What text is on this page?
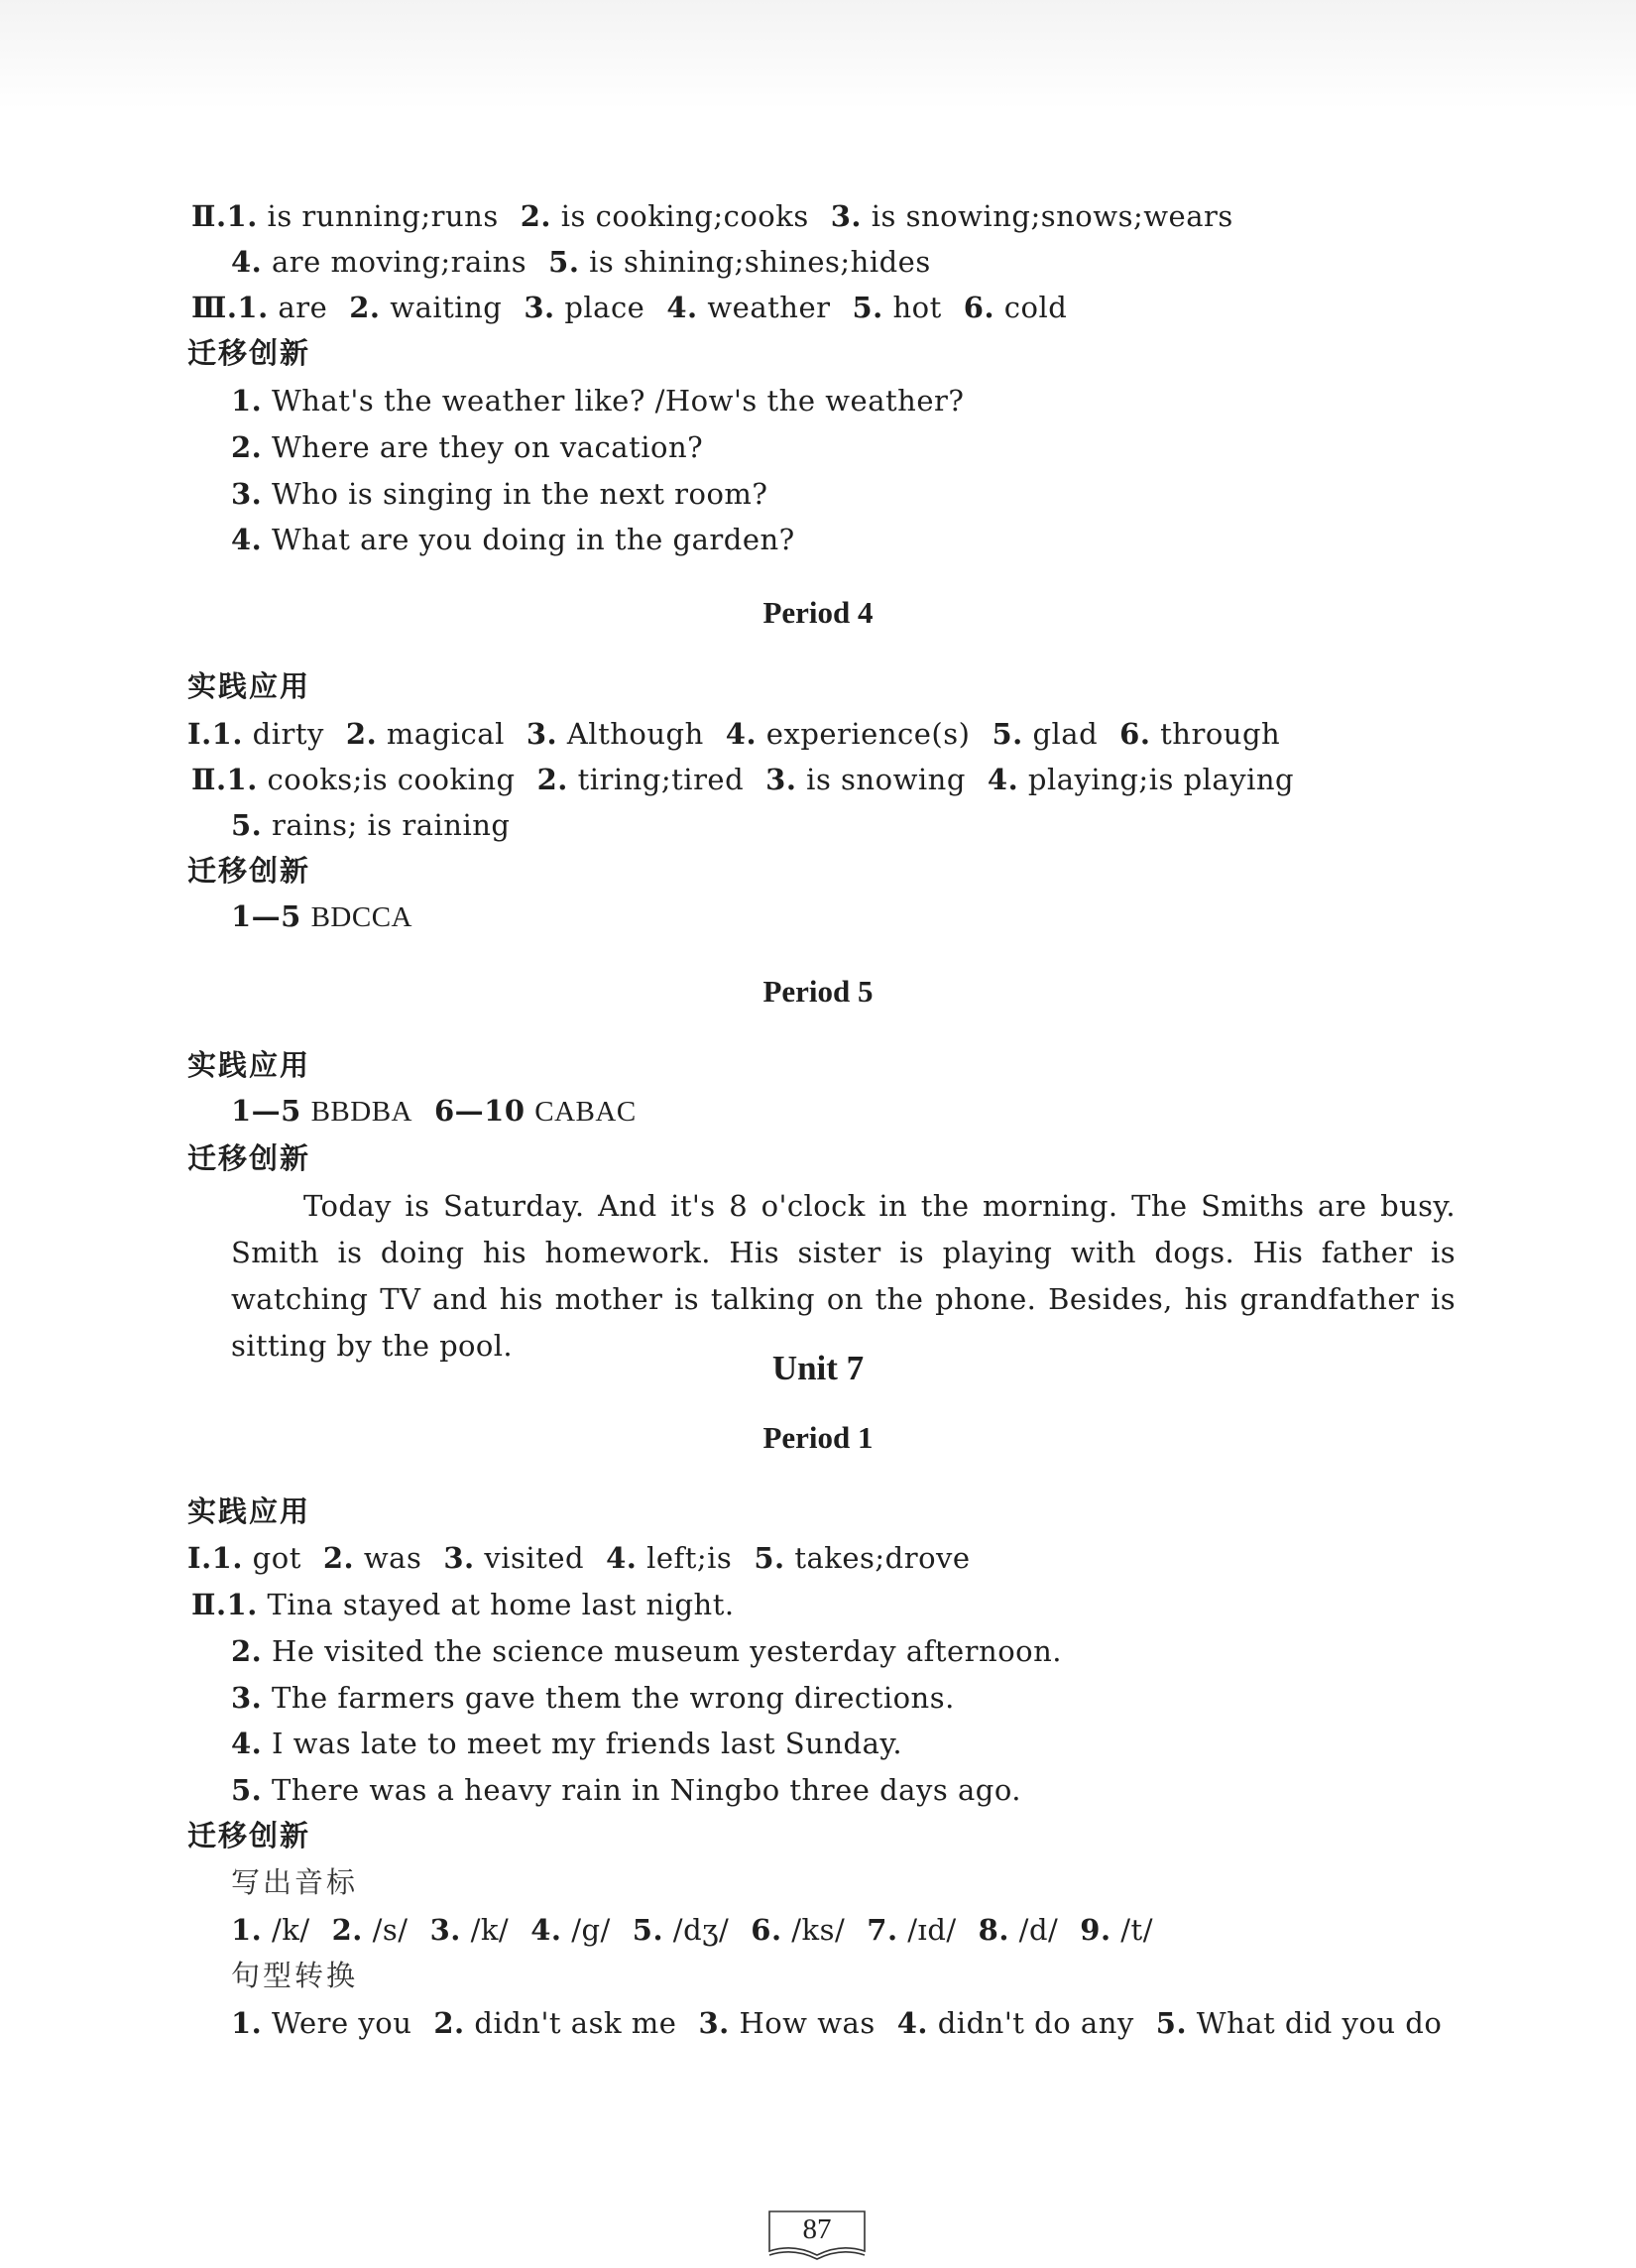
Ⅱ.1. is running;runs 2. is cooking;cooks 3. is snowing;snows;wears
4. are moving;rains 5. is shining;shines;hides
Ⅲ.1. are 2. waiting 3. place 4. weather 5. hot 6. cold
迁移创新
1. What's the weather like? /How's the weather?
2. Where are they on vacation?
3. Who is singing in the next room?
4. What are you doing in the garden?
Period 4
实践应用
Ⅰ.1. dirty 2. magical 3. Although 4. experience(s) 5. glad 6. through
Ⅱ.1. cooks;is cooking 2. tiring;tired 3. is snowing 4. playing;is playing
5. rains; is raining
迁移创新
1—5 BDCCA
Period 5
实践应用
1—5 BBDBA 6—10 CABAC
迁移创新
Today is Saturday. And it's 8 o'clock in the morning. The Smiths are busy. Smith is doing his homework. His sister is playing with dogs. His father is watching TV and his mother is talking on the phone. Besides, his grandfather is sitting by the pool.
Unit 7
Period 1
实践应用
Ⅰ.1. got 2. was 3. visited 4. left;is 5. takes;drove
Ⅱ.1. Tina stayed at home last night.
2. He visited the science museum yesterday afternoon.
3. The farmers gave them the wrong directions.
4. I was late to meet my friends last Sunday.
5. There was a heavy rain in Ningbo three days ago.
迁移创新
写出音标
1. /k/ 2. /s/ 3. /k/ 4. /g/ 5. /dʒ/ 6. /ks/ 7. /ɪd/ 8. /d/ 9. /t/
句型转换
1. Were you 2. didn't ask me 3. How was 4. didn't do any 5. What did you do
87
